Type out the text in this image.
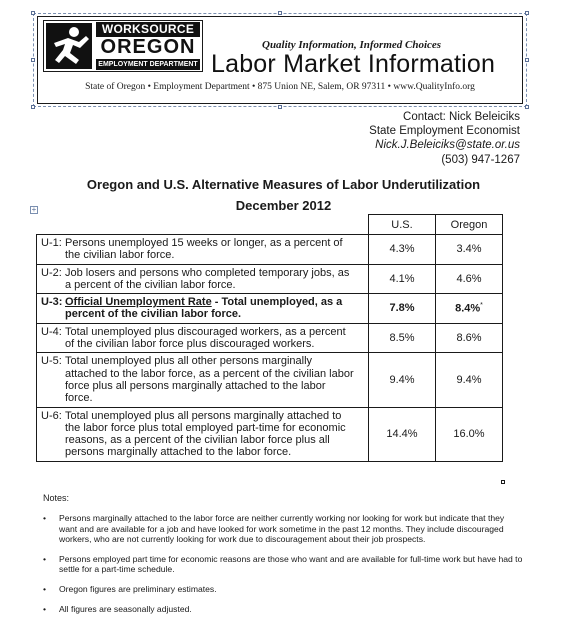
WORKSOURCE
OREGON
EMPLOYMENT DEPARTMENT
Quality Information, Informed Choices
Labor Market Information
State of Oregon • Employment Department • 875 Union NE, Salem, OR 97311 • www.QualityInfo.org
Contact: Nick Beleiciks
State Employment Economist
Nick.J.Beleiciks@state.or.us
(503) 947-1267
Oregon and U.S. Alternative Measures of Labor Underutilization
December 2012
+
	U.S.	Oregon
U-1: Persons unemployed 15 weeks or longer, as a percent of the civilian labor force.	4.3%	3.4%
U-2: Job losers and persons who completed temporary jobs, as a percent of the civilian labor force.	4.1%	4.6%
U-3: Official Unemployment Rate - Total unemployed, as a percent of the civilian labor force.	7.8%	8.4%*
U-4: Total unemployed plus discouraged workers, as a percent of the civilian labor force plus discouraged workers.	8.5%	8.6%
U-5: Total unemployed plus all other persons marginally attached to the labor force, as a percent of the civilian labor force plus all persons marginally attached to the labor force.	9.4%	9.4%
U-6: Total unemployed plus all persons marginally attached to the labor force plus total employed part-time for economic reasons, as a percent of the civilian labor force plus all persons marginally attached to the labor force.	14.4%	16.0%
Notes:
• Persons marginally attached to the labor force are neither currently working nor looking for work but indicate that they want and are available for a job and have looked for work sometime in the past 12 months. They include discouraged workers, who are not currently looking for work due to discouragement about their job prospects.
• Persons employed part time for economic reasons are those who want and are available for full-time work but have had to settle for a part-time schedule.
• Oregon figures are preliminary estimates.
• All figures are seasonally adjusted.
